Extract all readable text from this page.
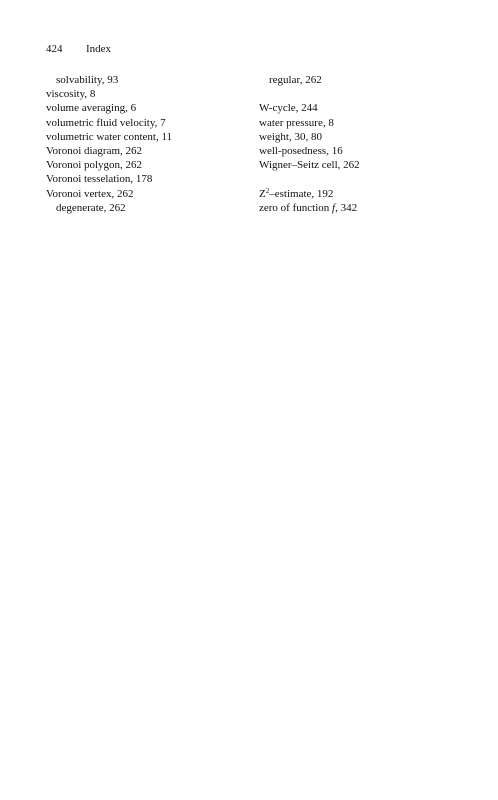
424 Index
solvability, 93
viscosity, 8
volume averaging, 6
volumetric fluid velocity, 7
volumetric water content, 11
Voronoi diagram, 262
Voronoi polygon, 262
Voronoi tesselation, 178
Voronoi vertex, 262
degenerate, 262
regular, 262
W-cycle, 244
water pressure, 8
weight, 30, 80
well-posedness, 16
Wigner–Seitz cell, 262
$Z^2$–estimate, 192
zero of function f, 342
